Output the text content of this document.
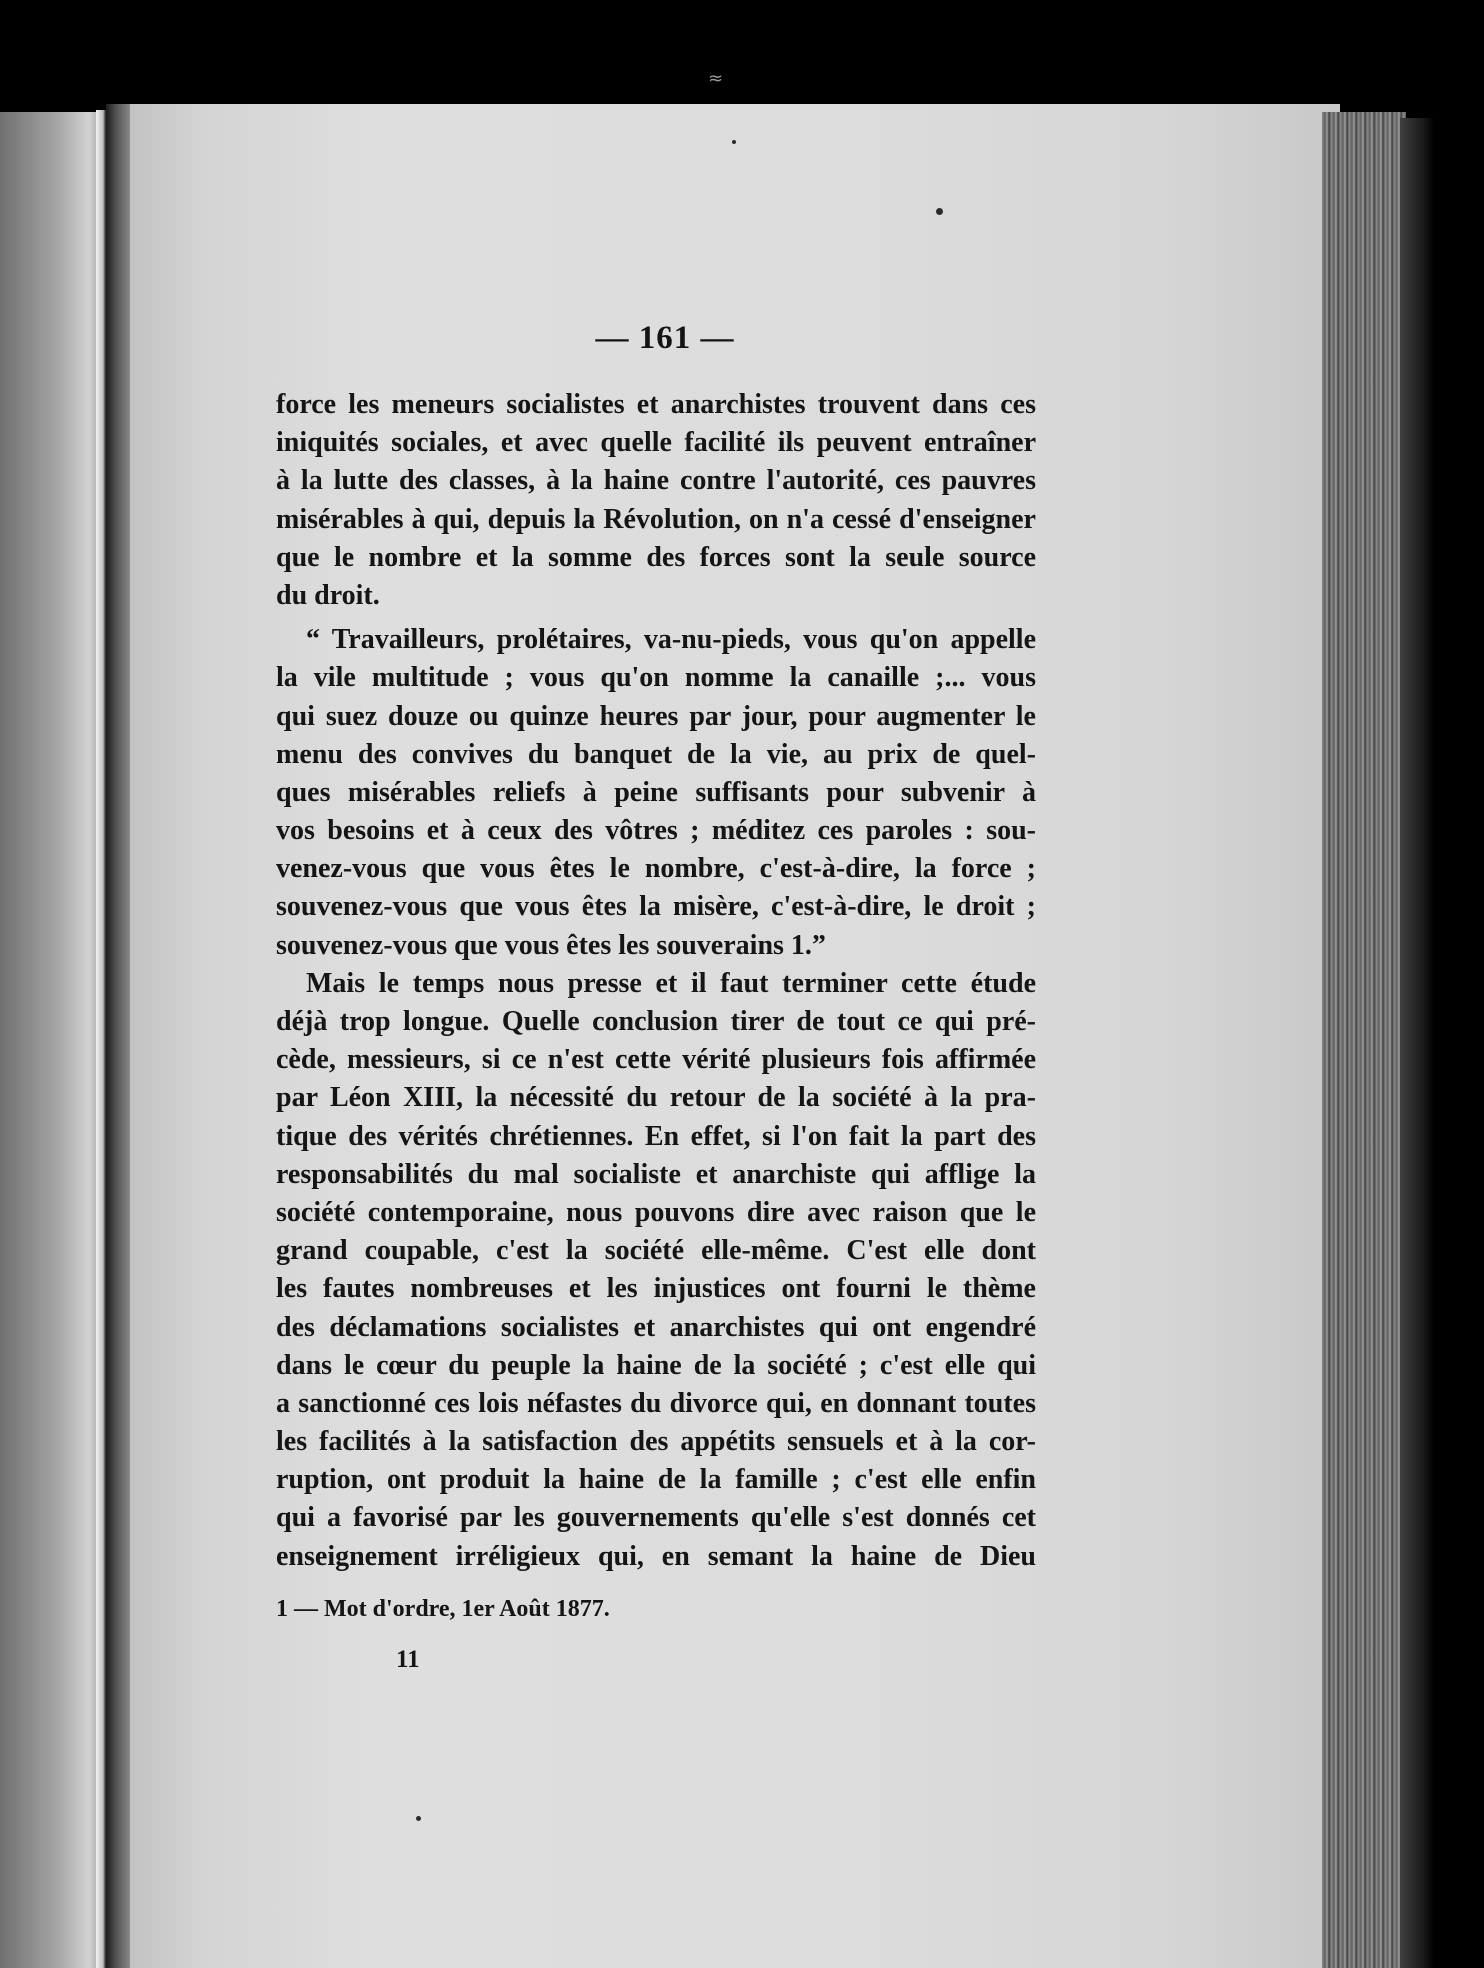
≈
— 161 —
force les meneurs socialistes et anarchistes trouvent dans ces
iniquités sociales, et avec quelle facilité ils peuvent entraîner
à la lutte des classes, à la haine contre l'autorité, ces pauvres
misérables à qui, depuis la Révolution, on n'a cessé d'enseigner
que le nombre et la somme des forces sont la seule source
du droit.
“ Travailleurs, prolétaires, va-nu-pieds, vous qu'on appelle
la vile multitude ; vous qu'on nomme la canaille ;... vous
qui suez douze ou quinze heures par jour, pour augmenter le
menu des convives du banquet de la vie, au prix de quel-
ques misérables reliefs à peine suffisants pour subvenir à
vos besoins et à ceux des vôtres ; méditez ces paroles : sou-
venez-vous que vous êtes le nombre, c'est-à-dire, la force ;
souvenez-vous que vous êtes la misère, c'est-à-dire, le droit ;
souvenez-vous que vous êtes les souverains 1.”
Mais le temps nous presse et il faut terminer cette étude
déjà trop longue. Quelle conclusion tirer de tout ce qui pré-
cède, messieurs, si ce n'est cette vérité plusieurs fois affirmée
par Léon XIII, la nécessité du retour de la société à la pra-
tique des vérités chrétiennes. En effet, si l'on fait la part des
responsabilités du mal socialiste et anarchiste qui afflige la
société contemporaine, nous pouvons dire avec raison que le
grand coupable, c'est la société elle-même. C'est elle dont
les fautes nombreuses et les injustices ont fourni le thème
des déclamations socialistes et anarchistes qui ont engendré
dans le cœur du peuple la haine de la société ; c'est elle qui
a sanctionné ces lois néfastes du divorce qui, en donnant toutes
les facilités à la satisfaction des appétits sensuels et à la cor-
ruption, ont produit la haine de la famille ; c'est elle enfin
qui a favorisé par les gouvernements qu'elle s'est donnés cet
enseignement irréligieux qui, en semant la haine de Dieu
1 — Mot d'ordre, 1er Août 1877.
11
